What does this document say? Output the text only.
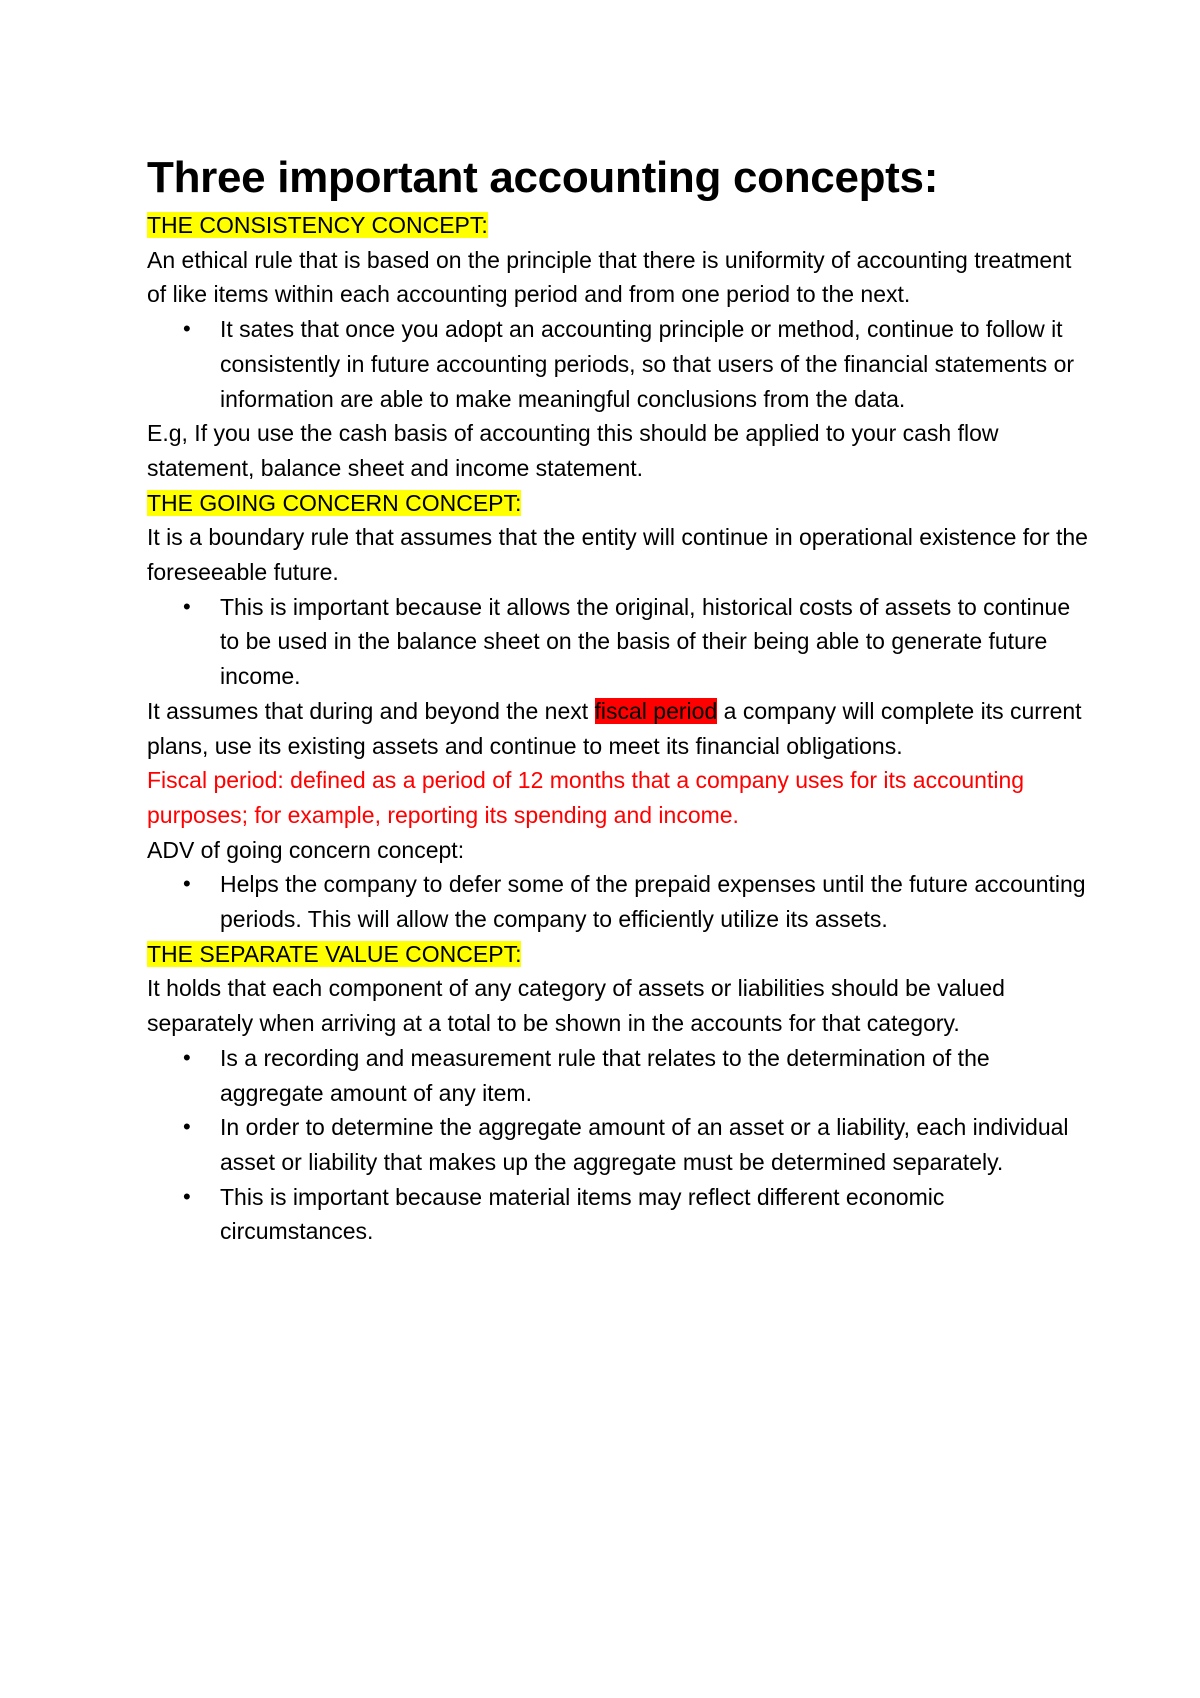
Three important accounting concepts:

THE CONSISTENCY CONCEPT:

An ethical rule that is based on the principle that there is uniformity of accounting treatment of like items within each accounting period and from one period to the next.

• It sates that once you adopt an accounting principle or method, continue to follow it consistently in future accounting periods, so that users of the financial statements or information are able to make meaningful conclusions from the data.

E.g, If you use the cash basis of accounting this should be applied to your cash flow statement, balance sheet and income statement.

THE GOING CONCERN CONCEPT:

It is a boundary rule that assumes that the entity will continue in operational existence for the foreseeable future.

• This is important because it allows the original, historical costs of assets to continue to be used in the balance sheet on the basis of their being able to generate future income.

It assumes that during and beyond the next fiscal period a company will complete its current plans, use its existing assets and continue to meet its financial obligations.

Fiscal period: defined as a period of 12 months that a company uses for its accounting purposes; for example, reporting its spending and income.

ADV of going concern concept:

• Helps the company to defer some of the prepaid expenses until the future accounting periods. This will allow the company to efficiently utilize its assets.

THE SEPARATE VALUE CONCEPT:

It holds that each component of any category of assets or liabilities should be valued separately when arriving at a total to be shown in the accounts for that category.

• Is a recording and measurement rule that relates to the determination of the aggregate amount of any item.
• In order to determine the aggregate amount of an asset or a liability, each individual asset or liability that makes up the aggregate must be determined separately.
• This is important because material items may reflect different economic circumstances.
